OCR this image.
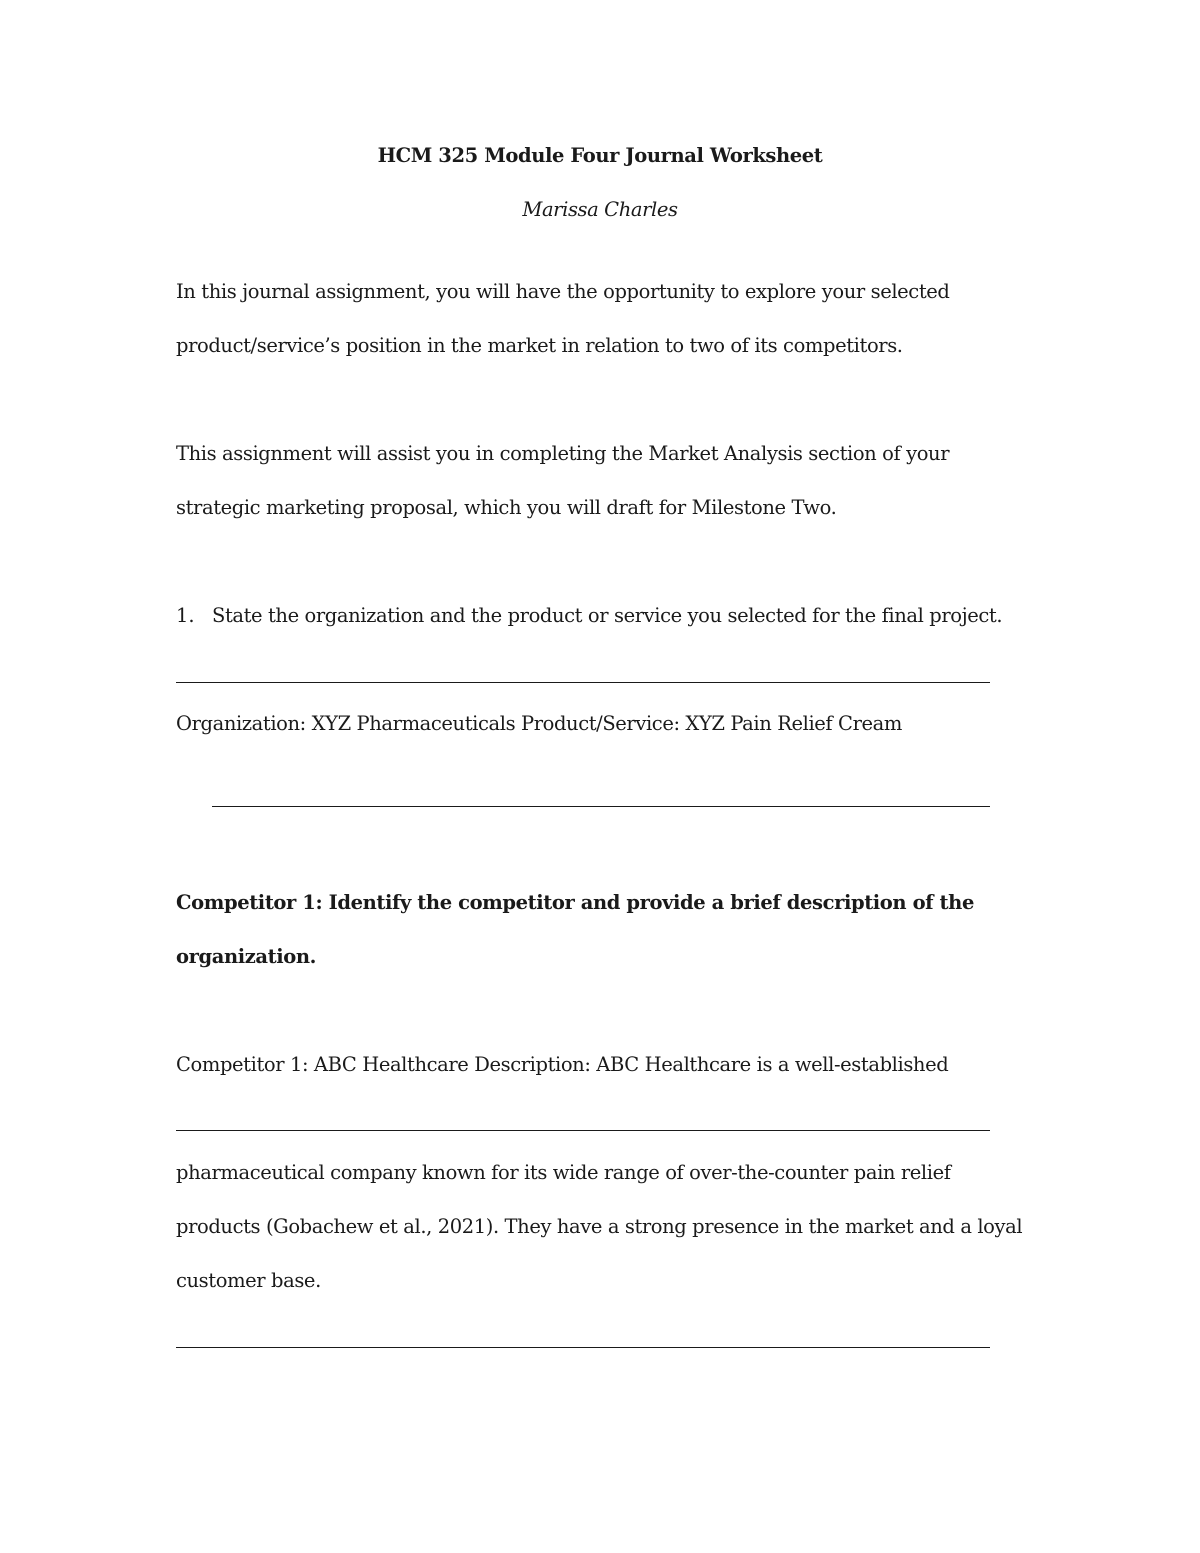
HCM 325 Module Four Journal Worksheet
Marissa Charles
In this journal assignment, you will have the opportunity to explore your selected
product/service’s position in the market in relation to two of its competitors.
This assignment will assist you in completing the Market Analysis section of your
strategic marketing proposal, which you will draft for Milestone Two.
1. State the organization and the product or service you selected for the final project.
Organization: XYZ Pharmaceuticals Product/Service: XYZ Pain Relief Cream
Competitor 1: Identify the competitor and provide a brief description of the
organization.
Competitor 1: ABC Healthcare Description: ABC Healthcare is a well-established
pharmaceutical company known for its wide range of over-the-counter pain relief
products (Gobachew et al., 2021). They have a strong presence in the market and a loyal
customer base.
